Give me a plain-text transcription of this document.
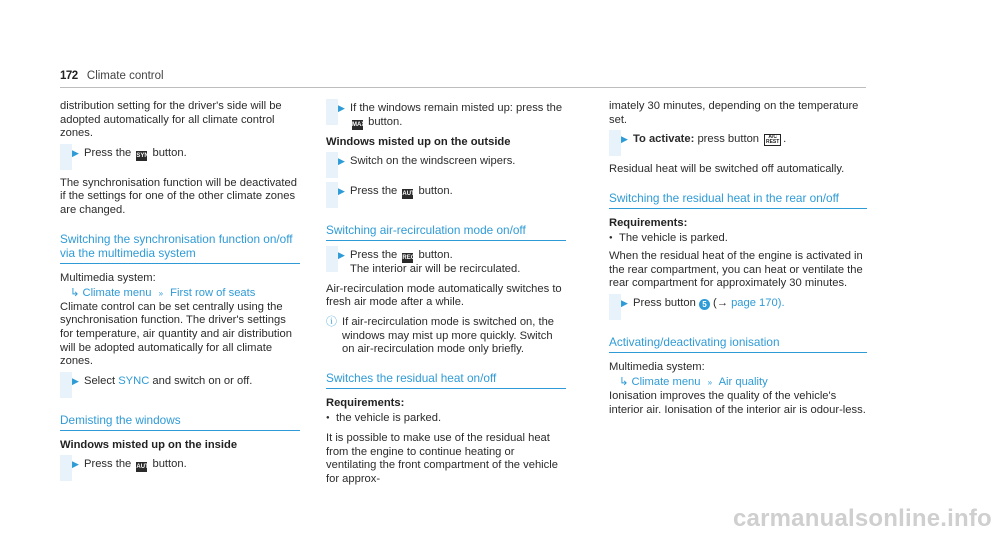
172 Climate control

distribution setting for the driver's side will be adopted automatically for all climate control zones.

▶ Press the SYNC button.

The synchronisation function will be deactivated if the settings for one of the other climate zones are changed.

Switching the synchronisation function on/off via the multimedia system

Multimedia system:

↳ Climate menu » First row of seats

Climate control can be set centrally using the synchronisation function. The driver's settings for temperature, air quantity and air distribution will be adopted automatically for all climate zones.

▶ Select SYNC and switch on or off.
Demisting the windows
Windows misted up on the inside
▶ Press the AUTO button.
▶ If the windows remain misted up: press the MAX button.
Windows misted up on the outside
▶ Switch on the windscreen wipers.
▶ Press the AUTO button.
Switching air-recirculation mode on/off
▶ Press the REC button.
The interior air will be recirculated.

Air-recirculation mode automatically switches to fresh air mode after a while.

ⓘ If air-recirculation mode is switched on, the windows may mist up more quickly. Switch on air-recirculation mode only briefly.
Switches the residual heat on/off
Requirements:
● the vehicle is parked.

It is possible to make use of the residual heat from the engine to continue heating or ventilating the front compartment of the vehicle for approx-

imately 30 minutes, depending on the temperature set.

▶ To activate: press button A/C REST .

Residual heat will be switched off automatically.

Switching the residual heat in the rear on/off
Requirements:
● The vehicle is parked.

When the residual heat of the engine is activated in the rear compartment, you can heat or ventilate the rear compartment for approximately 30 minutes.

▶ Press button 5 (→ page 170).
Activating/deactivating ionisation

Multimedia system:

↳ Climate menu » Air quality

Ionisation improves the quality of the vehicle's interior air. Ionisation of the interior air is odour-less.

carmanualsonline.info
